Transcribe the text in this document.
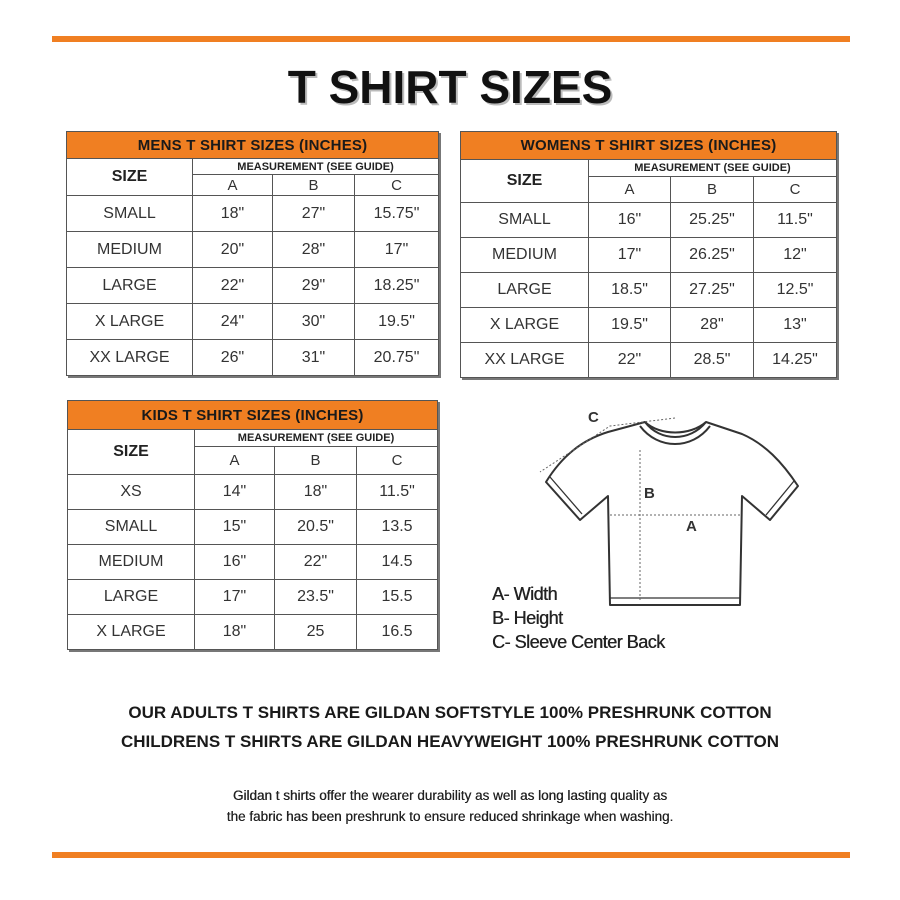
T SHIRT SIZES
MENS T SHIRT SIZES (INCHES)			
SIZE	MEASUREMENT (SEE GUIDE)		
	A	B	C
SMALL	18"	27"	15.75"
MEDIUM	20"	28"	17"
LARGE	22"	29"	18.25"
X LARGE	24"	30"	19.5"
XX LARGE	26"	31"	20.75"
WOMENS T SHIRT SIZES (INCHES)			
SIZE	MEASUREMENT (SEE GUIDE)		
	A	B	C
SMALL	16"	25.25"	11.5"
MEDIUM	17"	26.25"	12"
LARGE	18.5"	27.25"	12.5"
X LARGE	19.5"	28"	13"
XX LARGE	22"	28.5"	14.25"
KIDS T SHIRT SIZES (INCHES)			
SIZE	MEASUREMENT (SEE GUIDE)		
	A	B	C
XS	14"	18"	11.5"
SMALL	15"	20.5"	13.5
MEDIUM	16"	22"	14.5
LARGE	17"	23.5"	15.5
X LARGE	18"	25	16.5
C
B
A
A- Width
B- Height
C- Sleeve Center Back
OUR ADULTS T SHIRTS ARE GILDAN SOFTSTYLE 100% PRESHRUNK COTTON
CHILDRENS T SHIRTS ARE GILDAN HEAVYWEIGHT 100% PRESHRUNK COTTON
Gildan t shirts offer the wearer durability as well as long lasting quality as
the fabric has been preshrunk to ensure reduced shrinkage when washing.
